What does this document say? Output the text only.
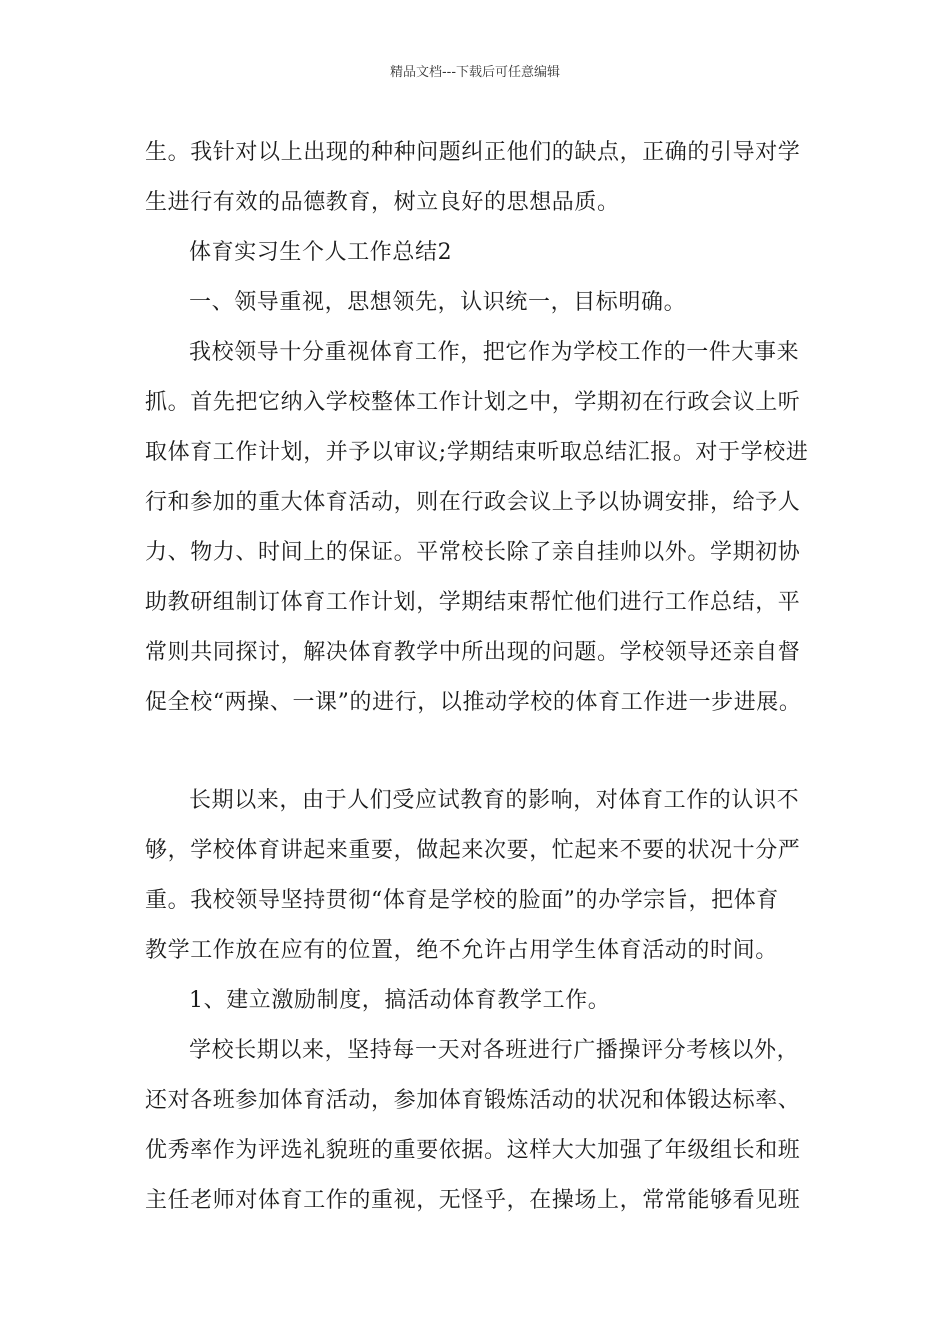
精品文档---下载后可任意编辑
生。我针对以上出现的种种问题纠正他们的缺点，正确的引导对学
生进行有效的品德教育，树立良好的思想品质。
体育实习生个人工作总结2
一、领导重视，思想领先，认识统一，目标明确。
我校领导十分重视体育工作，把它作为学校工作的一件大事来
抓。首先把它纳入学校整体工作计划之中，学期初在行政会议上听
取体育工作计划，并予以审议;学期结束听取总结汇报。对于学校进
行和参加的重大体育活动，则在行政会议上予以协调安排，给予人
力、物力、时间上的保证。平常校长除了亲自挂帅以外。学期初协
助教研组制订体育工作计划，学期结束帮忙他们进行工作总结，平
常则共同探讨，解决体育教学中所出现的问题。学校领导还亲自督
促全校“两操、一课”的进行，以推动学校的体育工作进一步进展。
长期以来，由于人们受应试教育的影响，对体育工作的认识不
够，学校体育讲起来重要，做起来次要，忙起来不要的状况十分严
重。我校领导坚持贯彻“体育是学校的脸面”的办学宗旨，把体育
教学工作放在应有的位置，绝不允许占用学生体育活动的时间。
1、建立激励制度，搞活动体育教学工作。
学校长期以来，坚持每一天对各班进行广播操评分考核以外，
还对各班参加体育活动，参加体育锻炼活动的状况和体锻达标率、
优秀率作为评选礼貌班的重要依据。这样大大加强了年级组长和班
主任老师对体育工作的重视，无怪乎，在操场上，常常能够看见班
